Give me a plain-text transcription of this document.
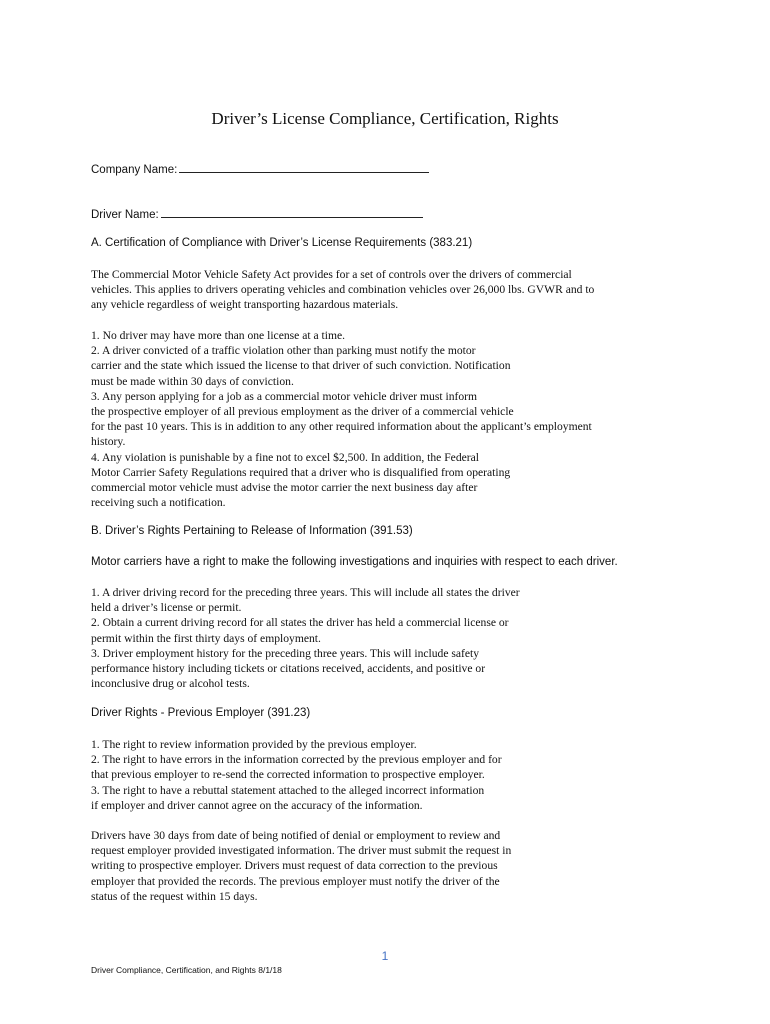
Driver’s License Compliance, Certification, Rights
Company Name:
Driver Name:
A. Certification of Compliance with Driver’s License Requirements (383.21)
The Commercial Motor Vehicle Safety Act provides for a set of controls over the drivers of commercial
vehicles. This applies to drivers operating vehicles and combination vehicles over 26,000 lbs. GVWR and to
any vehicle regardless of weight transporting hazardous materials.
1. No driver may have more than one license at a time.
2. A driver convicted of a traffic violation other than parking must notify the motor
carrier and the state which issued the license to that driver of such conviction. Notification
must be made within 30 days of conviction.
3. Any person applying for a job as a commercial motor vehicle driver must inform
the prospective employer of all previous employment as the driver of a commercial vehicle
for the past 10 years. This is in addition to any other required information about the applicant’s employment
history.
4. Any violation is punishable by a fine not to excel $2,500. In addition, the Federal
Motor Carrier Safety Regulations required that a driver who is disqualified from operating
commercial motor vehicle must advise the motor carrier the next business day after
receiving such a notification.
B. Driver’s Rights Pertaining to Release of Information (391.53)
Motor carriers have a right to make the following investigations and inquiries with respect to each driver.
1. A driver driving record for the preceding three years. This will include all states the driver
held a driver’s license or permit.
2. Obtain a current driving record for all states the driver has held a commercial license or
permit within the first thirty days of employment.
3. Driver employment history for the preceding three years. This will include safety
performance history including tickets or citations received, accidents, and positive or
inconclusive drug or alcohol tests.
Driver Rights - Previous Employer (391.23)
1. The right to review information provided by the previous employer.
2. The right to have errors in the information corrected by the previous employer and for
that previous employer to re-send the corrected information to prospective employer.
3. The right to have a rebuttal statement attached to the alleged incorrect information
if employer and driver cannot agree on the accuracy of the information.
Drivers have 30 days from date of being notified of denial or employment to review and
request employer provided investigated information. The driver must submit the request in
writing to prospective employer. Drivers must request of data correction to the previous
employer that provided the records. The previous employer must notify the driver of the
status of the request within 15 days.
1
Driver Compliance, Certification, and Rights 8/1/18
